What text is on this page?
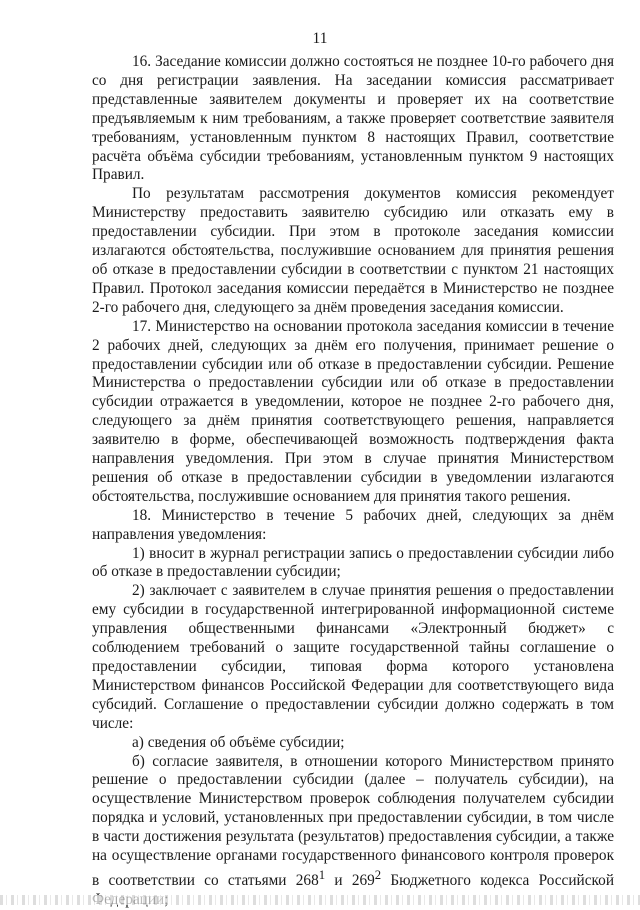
11

16. Заседание комиссии должно состояться не позднее 10-го рабочего дня со дня регистрации заявления. На заседании комиссия рассматривает представленные заявителем документы и проверяет их на соответствие предъявляемым к ним требованиям, а также проверяет соответствие заявителя требованиям, установленным пунктом 8 настоящих Правил, соответствие расчёта объёма субсидии требованиям, установленным пунктом 9 настоящих Правил.

По результатам рассмотрения документов комиссия рекомендует Министерству предоставить заявителю субсидию или отказать ему в предоставлении субсидии. При этом в протоколе заседания комиссии излагаются обстоятельства, послужившие основанием для принятия решения об отказе в предоставлении субсидии в соответствии с пунктом 21 настоящих Правил. Протокол заседания комиссии передаётся в Министерство не позднее 2-го рабочего дня, следующего за днём проведения заседания комиссии.

17. Министерство на основании протокола заседания комиссии в течение 2 рабочих дней, следующих за днём его получения, принимает решение о предоставлении субсидии или об отказе в предоставлении субсидии. Решение Министерства о предоставлении субсидии или об отказе в предоставлении субсидии отражается в уведомлении, которое не позднее 2-го рабочего дня, следующего за днём принятия соответствующего решения, направляется заявителю в форме, обеспечивающей возможность подтверждения факта направления уведомления. При этом в случае принятия Министерством решения об отказе в предоставлении субсидии в уведомлении излагаются обстоятельства, послужившие основанием для принятия такого решения.

18. Министерство в течение 5 рабочих дней, следующих за днём направления уведомления:

1) вносит в журнал регистрации запись о предоставлении субсидии либо об отказе в предоставлении субсидии;

2) заключает с заявителем в случае принятия решения о предоставлении ему субсидии в государственной интегрированной информационной системе управления общественными финансами «Электронный бюджет» с соблюдением требований о защите государственной тайны соглашение о предоставлении субсидии, типовая форма которого установлена Министерством финансов Российской Федерации для соответствующего вида субсидий. Соглашение о предоставлении субсидии должно содержать в том числе:

а) сведения об объёме субсидии;

б) согласие заявителя, в отношении которого Министерством принято решение о предоставлении субсидии (далее – получатель субсидии), на осуществление Министерством проверок соблюдения получателем субсидии порядка и условий, установленных при предоставлении субсидии, в том числе в части достижения результата (результатов) предоставления субсидии, а также на осуществление органами государственного финансового контроля проверок в соответствии со статьями $268^1$ и $269^2$ Бюджетного кодекса Российской
